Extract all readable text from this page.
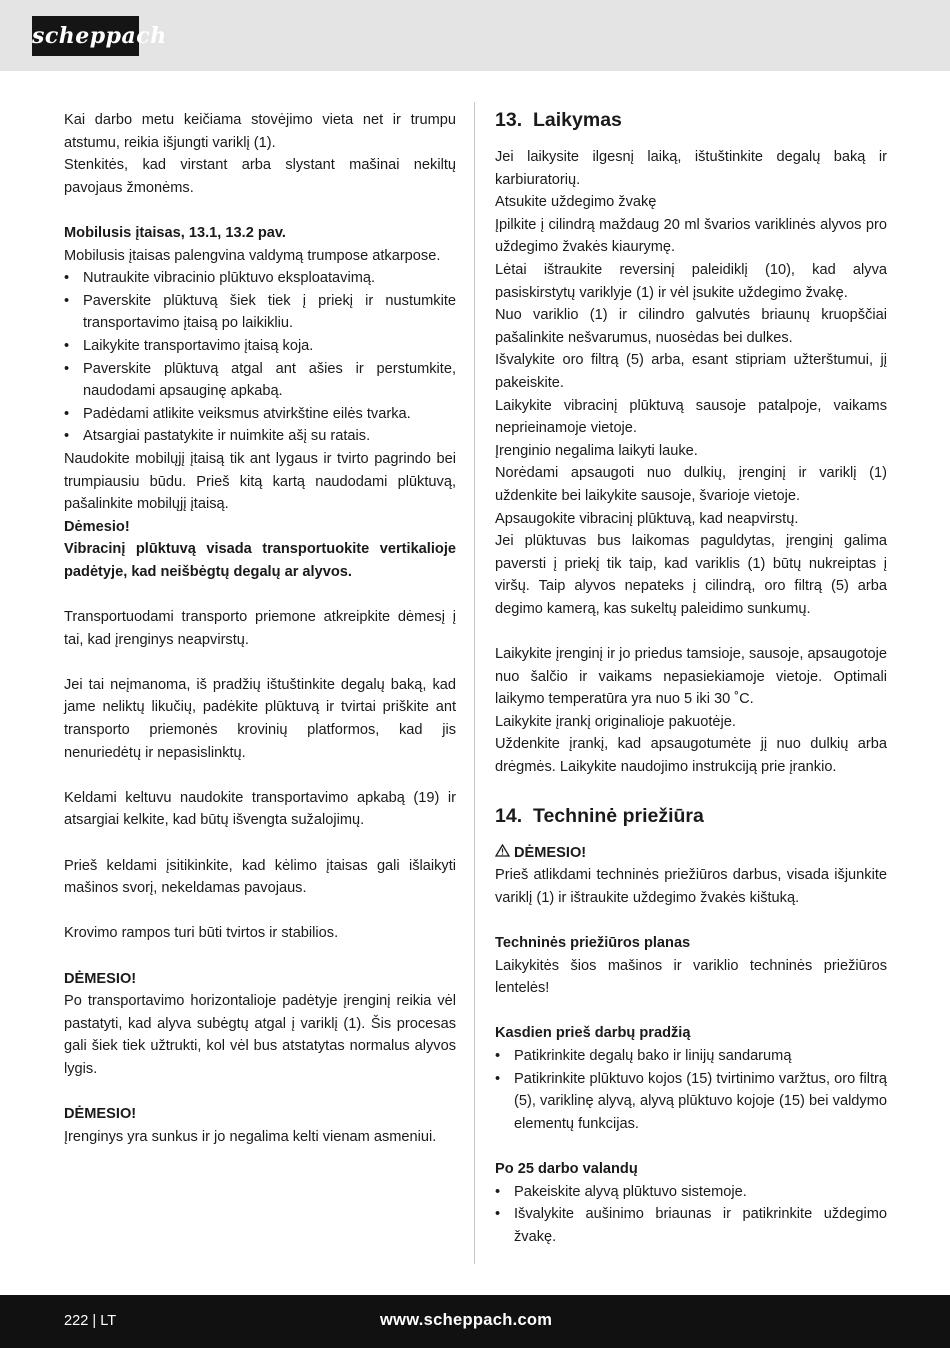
scheppach

Kai darbo metu keičiama stovėjimo vieta net ir trumpu atstumu, reikia išjungti variklį (1).

Stenkitės, kad virstant arba slystant mašinai nekiltų pavojaus žmonėms.

Mobilusis įtaisas, 13.1, 13.2 pav.

Mobilusis įtaisas palengvina valdymą trumpose atkarpose.

• Nutraukite vibracinio plūktuvo eksploatavimą.
• Paverskite plūktuvą šiek tiek į priekį ir nustumkite transportavimo įtaisą po laikikliu.
• Laikykite transportavimo įtaisą koja.
• Paverskite plūktuvą atgal ant ašies ir perstumkite, naudodami apsauginę apkabą.
• Padėdami atlikite veiksmus atvirkštine eilės tvarka.
• Atsargiai pastatykite ir nuimkite ašį su ratais.

Naudokite mobilųjį įtaisą tik ant lygaus ir tvirto pagrindo bei trumpiausiu būdu. Prieš kitą kartą naudodami plūktuvą, pašalinkite mobilųjį įtaisą.

Dėmesio!

Vibracinį plūktuvą visada transportuokite vertikalioje padėtyje, kad neišbėgtų degalų ar alyvos.

Transportuodami transporto priemone atkreipkite dėmesį į tai, kad įrenginys neapvirstų.

Jei tai neįmanoma, iš pradžių ištuštinkite degalų baką, kad jame neliktų likučių, padėkite plūktuvą ir tvirtai priškite ant transporto priemonės krovinių platformos, kad jis nenuriedėtų ir nepasislinktų.

Keldami keltuvu naudokite transportavimo apkabą (19) ir atsargiai kelkite, kad būtų išvengta sužalojimų.

Prieš keldami įsitikinkite, kad kėlimo įtaisas gali išlaikyti mašinos svorį, nekeldamas pavojaus.

Krovimo rampos turi būti tvirtos ir stabilios.

DĖMESIO!

Po transportavimo horizontalioje padėtyje įrenginį reikia vėl pastatyti, kad alyva subėgtų atgal į variklį (1). Šis procesas gali šiek tiek užtrukti, kol vėl bus atstatytas normalus alyvos lygis.

DĖMESIO!

Įrenginys yra sunkus ir jo negalima kelti vienam asmeniui.

13. Laikymas

Jei laikysite ilgesnį laiką, ištuštinkite degalų baką ir karbiuratorių.

Atsukite uždegimo žvakę

Įpilkite į cilindrą maždaug 20 ml švarios variklinės alyvos pro uždegimo žvakės kiaurymę.

Lėtai ištraukite reversinį paleidiklį (10), kad alyva pasiskirstytų variklyje (1) ir vėl įsukite uždegimo žvakę.

Nuo variklio (1) ir cilindro galvutės briaunų kruopščiai pašalinkite nešvarumus, nuosėdas bei dulkes.

Išvalykite oro filtrą (5) arba, esant stipriam užterštumui, jį pakeiskite.

Laikykite vibracinį plūktuvą sausoje patalpoje, vaikams neprieinamoje vietoje.

Įrenginio negalima laikyti lauke.

Norėdami apsaugoti nuo dulkių, įrenginį ir variklį (1) uždenkite bei laikykite sausoje, švarioje vietoje.

Apsaugokite vibracinį plūktuvą, kad neapvirstų.

Jei plūktuvas bus laikomas paguldytas, įrenginį galima paversti į priekį tik taip, kad variklis (1) būtų nukreiptas į viršų. Taip alyvos nepateks į cilindrą, oro filtrą (5) arba degimo kamerą, kas sukeltų paleidimo sunkumų.

Laikykite įrenginį ir jo priedus tamsioje, sausoje, apsaugotoje nuo šalčio ir vaikams nepasiekiamoje vietoje. Optimali laikymo temperatūra yra nuo 5 iki 30 ˚C.

Laikykite įrankį originalioje pakuotėje.

Uždenkite įrankį, kad apsaugotumėte jį nuo dulkių arba drėgmės. Laikykite naudojimo instrukciją prie įrankio.

14. Techninė priežiūra

DĖMESIO!

Prieš atlikdami techninės priežiūros darbus, visada išjunkite variklį (1) ir ištraukite uždegimo žvakės kištuką.

Techninės priežiūros planas

Laikykitės šios mašinos ir variklio techninės priežiūros lentelės!

Kasdien prieš darbų pradžią

• Patikrinkite degalų bako ir linijų sandarumą
• Patikrinkite plūktuvo kojos (15) tvirtinimo varžtus, oro filtrą (5), variklinę alyvą, alyvą plūktuvo kojoje (15) bei valdymo elementų funkcijas.

Po 25 darbo valandų

• Pakeiskite alyvą plūktuvo sistemoje.
• Išvalykite aušinimo briaunas ir patikrinkite uždegimo žvakę.
222 | LT	www.scheppach.com
